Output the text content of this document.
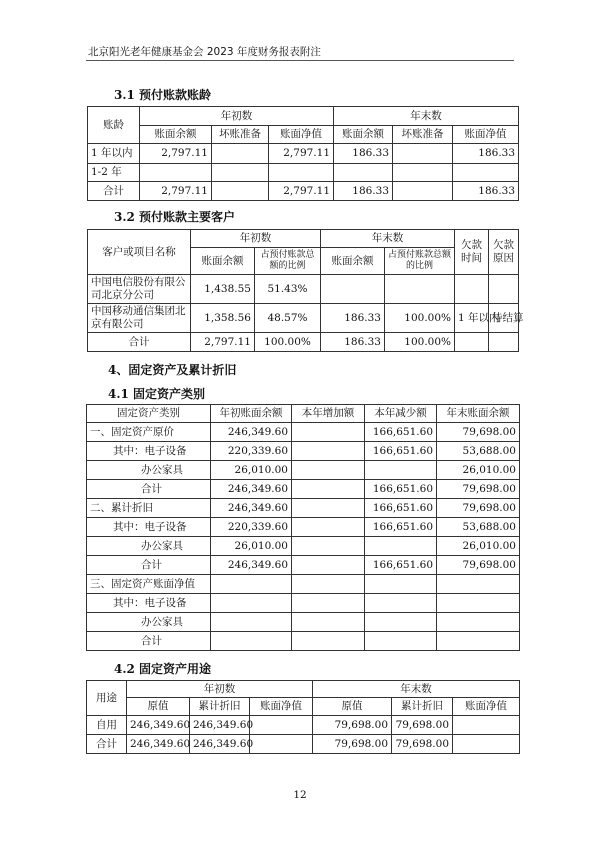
北京阳光老年健康基金会 2023 年度财务报表附注
3.1 预付账款账龄
账龄	年初数			年末数		
	账面余额	坏账准备	账面净值	账面余额	坏账准备	账面净值
1 年以内	2,797.11		2,797.11	186.33		186.33
1-2 年						
合计	2,797.11		2,797.11	186.33		186.33
3.2 预付账款主要客户
客户或项目名称	年初数		年末数		欠款时间	欠款原因
	账面余额	占预付账款总额的比例	账面余额	占预付账款总额的比例		
中国电信股份有限公司北京分公司	1,438.55	51.43%				
中国移动通信集团北京有限公司	1,358.56	48.57%	186.33	100.00%	1 年以内	待结算
合计	2,797.11	100.00%	186.33	100.00%		
4、固定资产及累计折旧
4.1 固定资产类别
固定资产类别	年初账面余额	本年增加额	本年减少额	年末账面余额
一、固定资产原价	246,349.60		166,651.60	79,698.00
其中：电子设备	220,339.60		166,651.60	53,688.00
办公家具	26,010.00			26,010.00
合计	246,349.60		166,651.60	79,698.00
二、累计折旧	246,349.60		166,651.60	79,698.00
其中：电子设备	220,339.60		166,651.60	53,688.00
办公家具	26,010.00			26,010.00
合计	246,349.60		166,651.60	79,698.00
三、固定资产账面净值				
其中：电子设备				
办公家具				
合计				
4.2 固定资产用途
用途	年初数			年末数		
	原值	累计折旧	账面净值	原值	累计折旧	账面净值
自用	246,349.60	246,349.60		79,698.00	79,698.00	
合计	246,349.60	246,349.60		79,698.00	79,698.00	
12
